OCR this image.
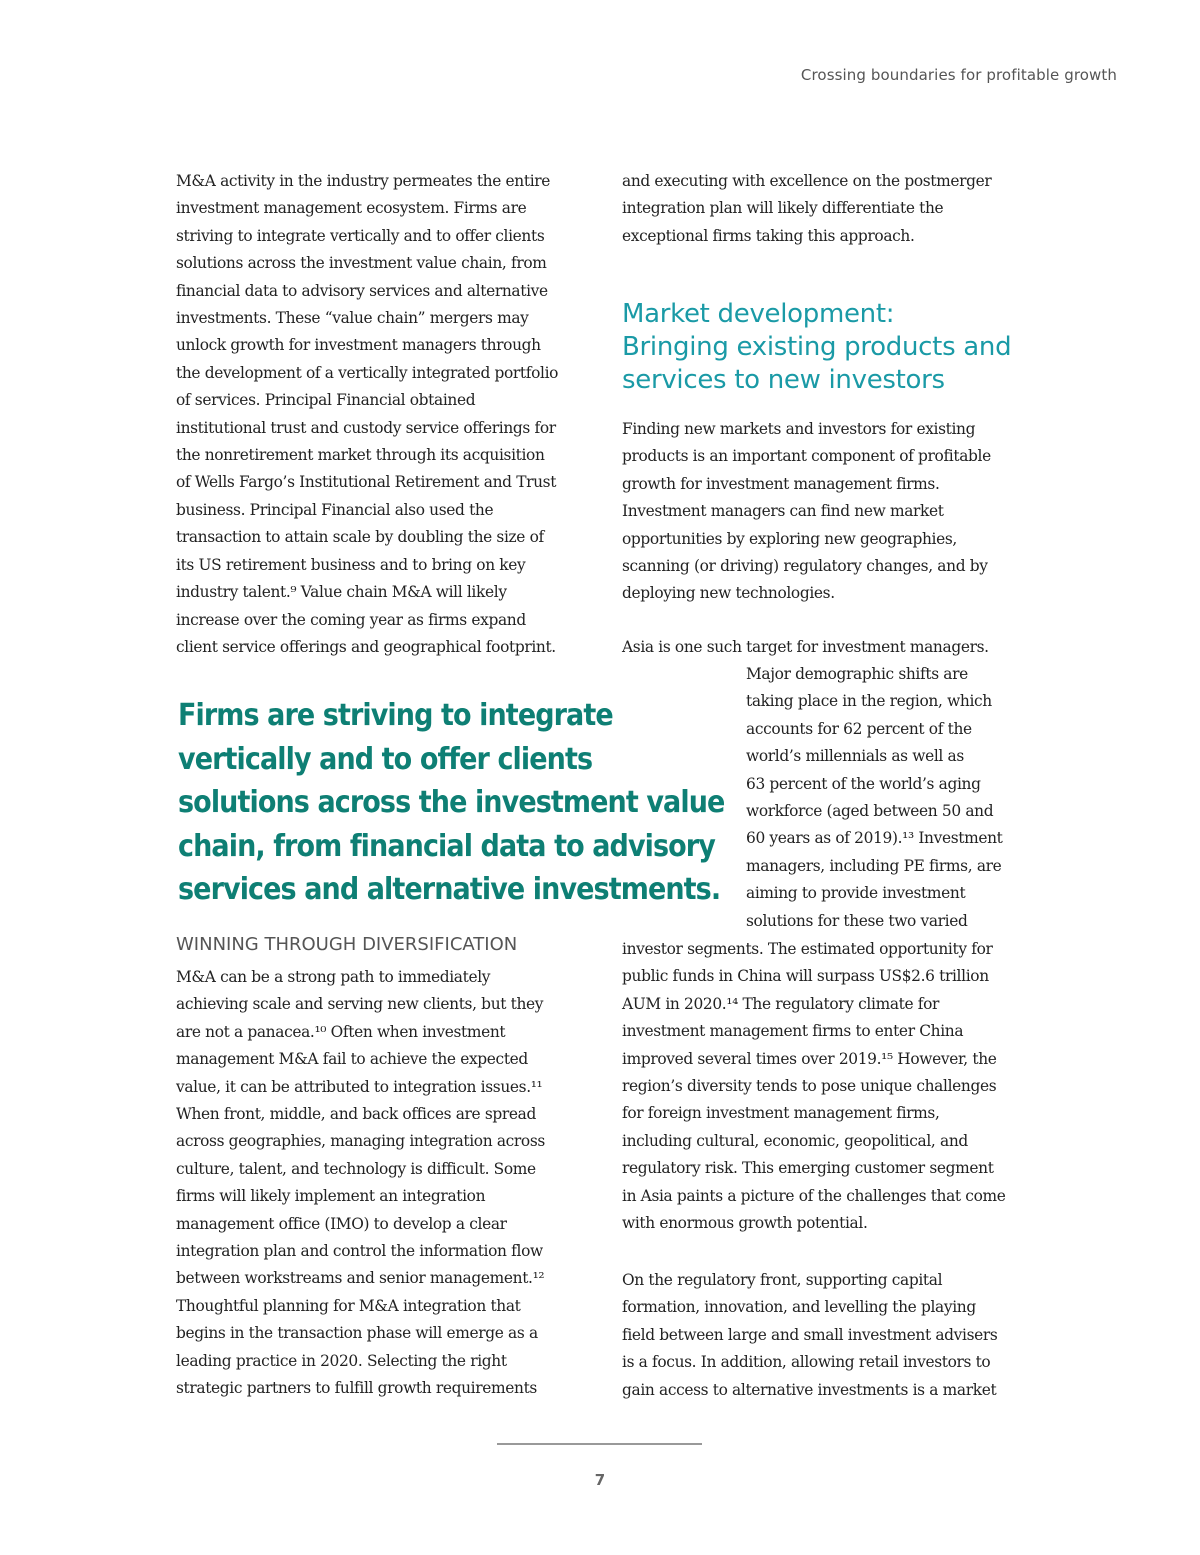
Crossing boundaries for profitable growth

M&A activity in the industry permeates the entire

investment management ecosystem. Firms are

striving to integrate vertically and to offer clients

solutions across the investment value chain, from

financial data to advisory services and alternative

investments. These “value chain” mergers may

unlock growth for investment managers through

the development of a vertically integrated portfolio

of services. Principal Financial obtained

institutional trust and custody service offerings for

the nonretirement market through its acquisition

of Wells Fargo’s Institutional Retirement and Trust

business. Principal Financial also used the

transaction to attain scale by doubling the size of

its US retirement business and to bring on key

industry talent.⁹ Value chain M&A will likely

increase over the coming year as firms expand

client service offerings and geographical footprint.

Firms are striving to integrate
vertically and to offer clients
solutions across the investment value
chain, from financial data to advisory
services and alternative investments.
WINNING THROUGH DIVERSIFICATION

M&A can be a strong path to immediately

achieving scale and serving new clients, but they

are not a panacea.¹⁰ Often when investment

management M&A fail to achieve the expected

value, it can be attributed to integration issues.¹¹

When front, middle, and back offices are spread

across geographies, managing integration across

culture, talent, and technology is difficult. Some

firms will likely implement an integration

management office (IMO) to develop a clear

integration plan and control the information flow

between workstreams and senior management.¹²

Thoughtful planning for M&A integration that

begins in the transaction phase will emerge as a

leading practice in 2020. Selecting the right

strategic partners to fulfill growth requirements

and executing with excellence on the postmerger

integration plan will likely differentiate the

exceptional firms taking this approach.

Market development:
Bringing existing products and
services to new investors

Finding new markets and investors for existing

products is an important component of profitable

growth for investment management firms.

Investment managers can find new market

opportunities by exploring new geographies,

scanning (or driving) regulatory changes, and by

deploying new technologies.

Asia is one such target for investment managers.

Major demographic shifts are

taking place in the region, which

accounts for 62 percent of the

world’s millennials as well as

63 percent of the world’s aging

workforce (aged between 50 and

60 years as of 2019).¹³ Investment

managers, including PE firms, are

aiming to provide investment

solutions for these two varied

investor segments. The estimated opportunity for

public funds in China will surpass US$2.6 trillion

AUM in 2020.¹⁴ The regulatory climate for

investment management firms to enter China

improved several times over 2019.¹⁵ However, the

region’s diversity tends to pose unique challenges

for foreign investment management firms,

including cultural, economic, geopolitical, and

regulatory risk. This emerging customer segment

in Asia paints a picture of the challenges that come

with enormous growth potential.

On the regulatory front, supporting capital

formation, innovation, and levelling the playing

field between large and small investment advisers

is a focus. In addition, allowing retail investors to

gain access to alternative investments is a market

7
